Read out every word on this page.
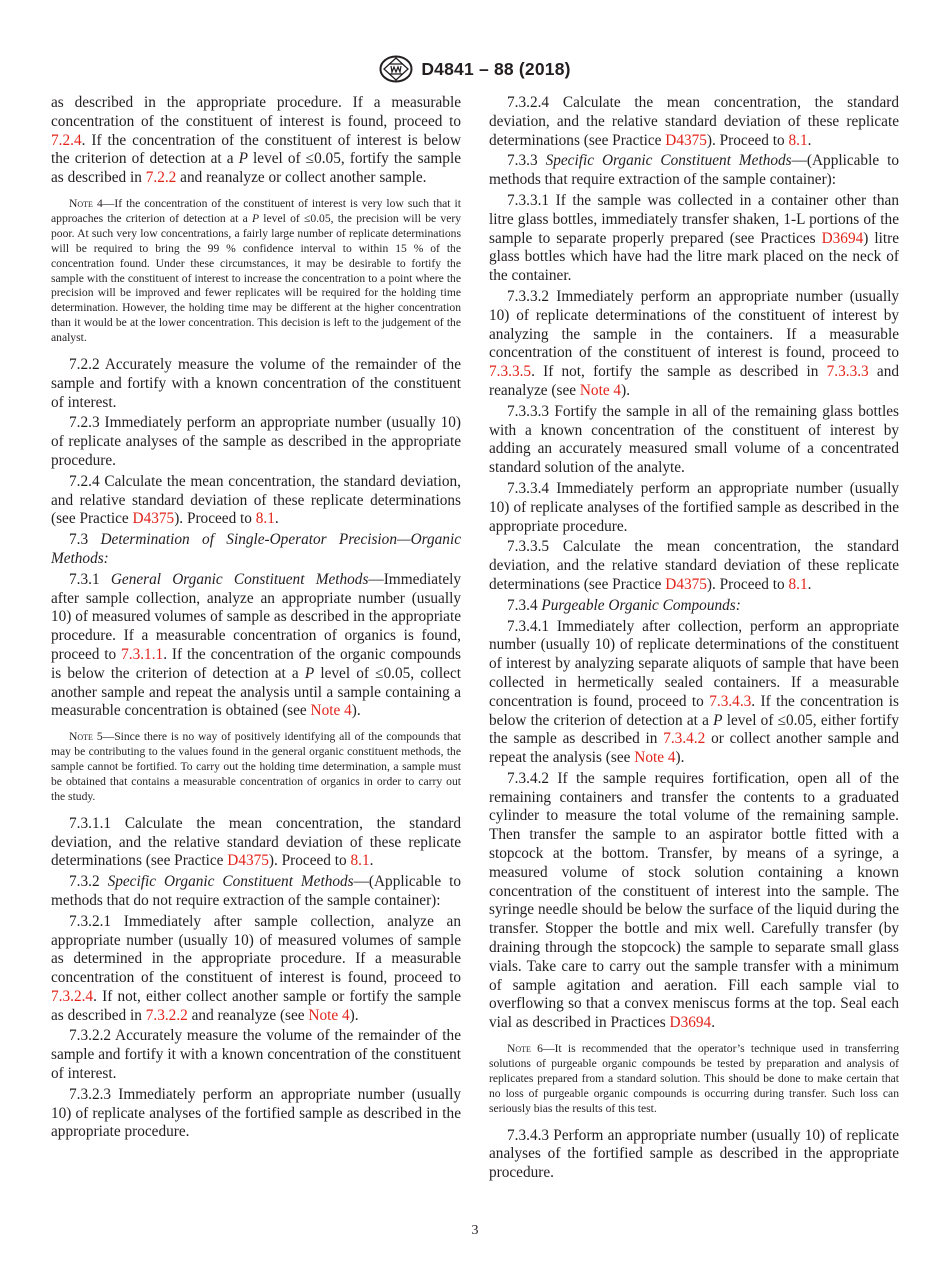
D4841 – 88 (2018)

as described in the appropriate procedure. If a measurable concentration of the constituent of interest is found, proceed to 7.2.4. If the concentration of the constituent of interest is below the criterion of detection at a P level of ≤0.05, fortify the sample as described in 7.2.2 and reanalyze or collect another sample.

Note 4—If the concentration of the constituent of interest is very low such that it approaches the criterion of detection at a P level of ≤0.05, the precision will be very poor. At such very low concentrations, a fairly large number of replicate determinations will be required to bring the 99 % confidence interval to within 15 % of the concentration found. Under these circumstances, it may be desirable to fortify the sample with the constituent of interest to increase the concentration to a point where the precision will be improved and fewer replicates will be required for the holding time determination. However, the holding time may be different at the higher concentration than it would be at the lower concentration. This decision is left to the judgement of the analyst.

7.2.2 Accurately measure the volume of the remainder of the sample and fortify with a known concentration of the constituent of interest.

7.2.3 Immediately perform an appropriate number (usually 10) of replicate analyses of the sample as described in the appropriate procedure.

7.2.4 Calculate the mean concentration, the standard deviation, and relative standard deviation of these replicate determinations (see Practice D4375). Proceed to 8.1.

7.3 Determination of Single-Operator Precision—Organic Methods:

7.3.1 General Organic Constituent Methods—Immediately after sample collection, analyze an appropriate number (usually 10) of measured volumes of sample as described in the appropriate procedure. If a measurable concentration of organics is found, proceed to 7.3.1.1. If the concentration of the organic compounds is below the criterion of detection at a P level of ≤0.05, collect another sample and repeat the analysis until a sample containing a measurable concentration is obtained (see Note 4).

Note 5—Since there is no way of positively identifying all of the compounds that may be contributing to the values found in the general organic constituent methods, the sample cannot be fortified. To carry out the holding time determination, a sample must be obtained that contains a measurable concentration of organics in order to carry out the study.

7.3.1.1 Calculate the mean concentration, the standard deviation, and the relative standard deviation of these replicate determinations (see Practice D4375). Proceed to 8.1.

7.3.2 Specific Organic Constituent Methods—(Applicable to methods that do not require extraction of the sample container):

7.3.2.1 Immediately after sample collection, analyze an appropriate number (usually 10) of measured volumes of sample as determined in the appropriate procedure. If a measurable concentration of the constituent of interest is found, proceed to 7.3.2.4. If not, either collect another sample or fortify the sample as described in 7.3.2.2 and reanalyze (see Note 4).

7.3.2.2 Accurately measure the volume of the remainder of the sample and fortify it with a known concentration of the constituent of interest.

7.3.2.3 Immediately perform an appropriate number (usually 10) of replicate analyses of the fortified sample as described in the appropriate procedure.

7.3.2.4 Calculate the mean concentration, the standard deviation, and the relative standard deviation of these replicate determinations (see Practice D4375). Proceed to 8.1.

7.3.3 Specific Organic Constituent Methods—(Applicable to methods that require extraction of the sample container):

7.3.3.1 If the sample was collected in a container other than litre glass bottles, immediately transfer shaken, 1-L portions of the sample to separate properly prepared (see Practices D3694) litre glass bottles which have had the litre mark placed on the neck of the container.

7.3.3.2 Immediately perform an appropriate number (usually 10) of replicate determinations of the constituent of interest by analyzing the sample in the containers. If a measurable concentration of the constituent of interest is found, proceed to 7.3.3.5. If not, fortify the sample as described in 7.3.3.3 and reanalyze (see Note 4).

7.3.3.3 Fortify the sample in all of the remaining glass bottles with a known concentration of the constituent of interest by adding an accurately measured small volume of a concentrated standard solution of the analyte.

7.3.3.4 Immediately perform an appropriate number (usually 10) of replicate analyses of the fortified sample as described in the appropriate procedure.

7.3.3.5 Calculate the mean concentration, the standard deviation, and the relative standard deviation of these replicate determinations (see Practice D4375). Proceed to 8.1.

7.3.4 Purgeable Organic Compounds:

7.3.4.1 Immediately after collection, perform an appropriate number (usually 10) of replicate determinations of the constituent of interest by analyzing separate aliquots of sample that have been collected in hermetically sealed containers. If a measurable concentration is found, proceed to 7.3.4.3. If the concentration is below the criterion of detection at a P level of ≤0.05, either fortify the sample as described in 7.3.4.2 or collect another sample and repeat the analysis (see Note 4).

7.3.4.2 If the sample requires fortification, open all of the remaining containers and transfer the contents to a graduated cylinder to measure the total volume of the remaining sample. Then transfer the sample to an aspirator bottle fitted with a stopcock at the bottom. Transfer, by means of a syringe, a measured volume of stock solution containing a known concentration of the constituent of interest into the sample. The syringe needle should be below the surface of the liquid during the transfer. Stopper the bottle and mix well. Carefully transfer (by draining through the stopcock) the sample to separate small glass vials. Take care to carry out the sample transfer with a minimum of sample agitation and aeration. Fill each sample vial to overflowing so that a convex meniscus forms at the top. Seal each vial as described in Practices D3694.

Note 6—It is recommended that the operator’s technique used in transferring solutions of purgeable organic compounds be tested by preparation and analysis of replicates prepared from a standard solution. This should be done to make certain that no loss of purgeable organic compounds is occurring during transfer. Such loss can seriously bias the results of this test.

7.3.4.3 Perform an appropriate number (usually 10) of replicate analyses of the fortified sample as described in the appropriate procedure.

3
